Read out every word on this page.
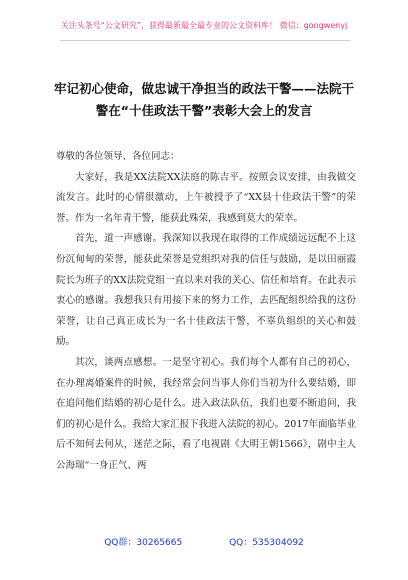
关注头条号“公文研究”，获得最新最全最专业的公文资料库！ 微信：gongwenyj
牢记初心使命，做忠诚干净担当的政法干警——法院干警在“十佳政法干警”表彰大会上的发言

尊敬的各位领导、各位同志：

大家好，我是XX法院XX法庭的陈吉平。按照会议安排，由我做交流发言。此时的心情很激动，上午被授予了“XX县十佳政法干警”的荣誉。作为一名年青干警，能获此殊荣，我感到莫大的荣幸。

首先，道一声感谢。我深知以我现在取得的工作成绩远远配不上这份沉甸甸的荣誉，能获此荣誉是党组织对我的信任与鼓励，是以田丽霞院长为班子的XX法院党组一直以来对我的关心、信任和培育。在此表示衷心的感谢。我想我只有用接下来的努力工作，去匹配组织给我的这份荣誉，让自己真正成长为一名十佳政法干警，不辜负组织的关心和鼓励。

其次，谈两点感想。一是坚守初心。我们每个人都有自己的初心，在办理离婚案件的时候，我经常会问当事人你们当初为什么要结婚，即在追问他们结婚的初心是什么。进入政法队伍，我们也要不断追问，我们的初心是什么。我给大家汇报下我进入法院的初心。2017年面临毕业后不知何去何从，迷茫之际，看了电视剧《大明王朝1566》，剧中主人公海瑞“一身正气、两

QQ群：30265665	QQ：535304092
